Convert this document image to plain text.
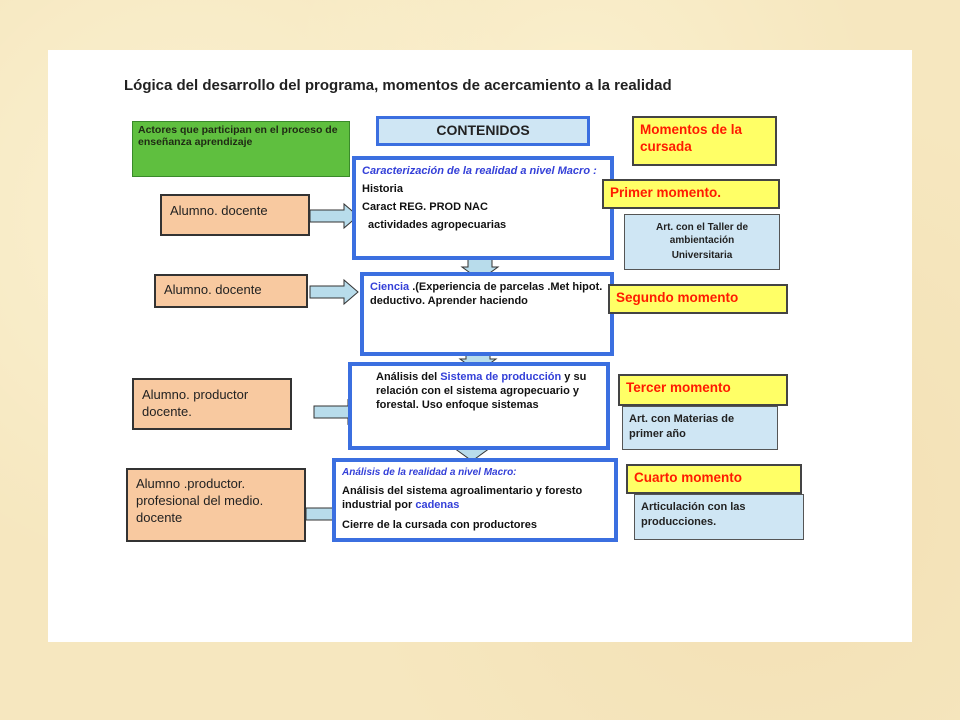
Lógica del desarrollo del programa, momentos de acercamiento a la realidad
Actores que participan en el proceso de enseñanza aprendizaje
CONTENIDOS	Momentos de la cursada
Alumno. docente

Caracterización de la realidad a nivel Macro :

Historia

Caract REG. PROD NAC

actividades agropecuarias

Primer momento.
Art. con el Taller de ambientación
Universitaria
Alumno. docente	Ciencia .(Experiencia de parcelas .Met hipot. deductivo. Aprender haciendo	Segundo momento
Alumno. productor docente.

Análisis del Sistema de producción y su relación con el sistema agropecuario y forestal. Uso enfoque sistemas

Tercer momento
Art. con Materias de primer año
Alumno .productor. profesional del medio. docente

Análisis de la realidad a nivel Macro:

Análisis del sistema agroalimentario y foresto industrial por cadenas

Cierre de la cursada con productores

Cuarto momento
Articulación con las producciones.
